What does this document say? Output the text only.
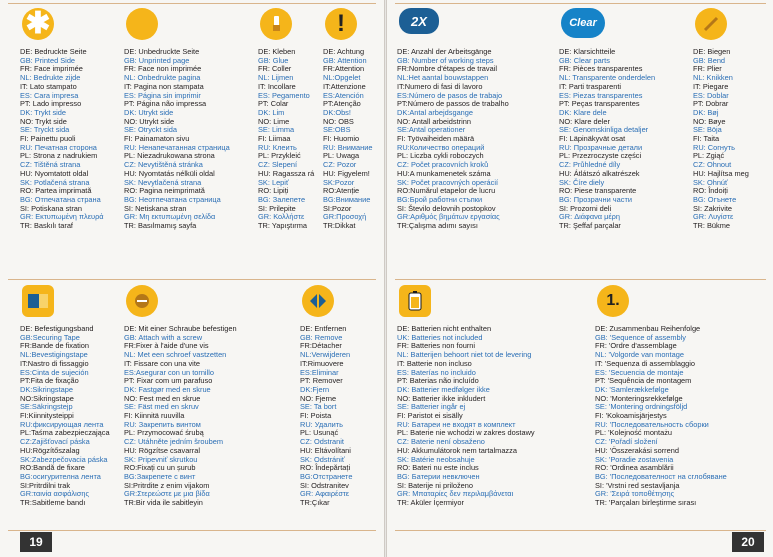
✱
DE: Bedruckte Seite
GB: Printed Side
FR: Face imprimée
NL: Bedrukte zijde
IT: Lato stampato
ES: Cara impresa
PT: Lado impresso
DK: Trykt side
NO: Trykt side
SE: Tryckt sida
FI: Painettu puoli
RU: Печатная сторона
PL: Strona z nadrukiem
CZ: Tištěná strana
HU: Nyomtatott oldal
SK: Potlačená strana
RO: Partea imprimată
BG: Отпечатана страна
SI: Potiskana stran
GR: Εκτυπωμένη πλευρά
TR: Baskılı taraf
DE: Unbedruckte Seite
GB: Unprinted page
FR: Face non imprimée
NL: Onbedrukte pagina
IT: Pagina non stampata
ES: Página sin imprimir
PT: Página não impressa
DK: Utrykt side
NO: Utrykt side
SE: Otryckt sida
FI: Painamaton sivu
RU: Ненапечатанная страница
PL: Niezadrukowana strona
CZ: Nevytištěná stránka
HU: Nyomtatás nélküli oldal
SK: Nevytlačená strana
RO: Pagina neimprimată
BG: Неотпечатана страница
SI: Netiskana stran
GR: Μη εκτυπωμένη σελίδα
TR: Basılmamış sayfa
DE: Kleben
GB: Glue
FR: Coller
NL: Lijmen
IT: Incollare
ES: Pegamento
PT: Colar
DK: Lim
NO: Lime
SE: Limma
FI: Liimaa
RU: Клеить
PL: Przykleić
CZ: Slepení
HU: Ragassza rá
SK: Lepiť
RO: Lipiți
BG: Залепете
SI: Prilepite
GR: Κολλήστε
TR: Yapıştırma
!
DE: Achtung
GB: Attention
FR:Attention
NL:Opgelet
IT:Attenzione
ES:Atención
PT:Atenção
DK:Obs!
NO: OBS
SE:OBS
FI: Huomio
RU: Внимание
PL: Uwaga
CZ: Pozor
HU: Figyelem!
SK:Pozor
RO:Atenție
BG:Внимание
SI:Pozor
GR:Προσοχή
TR:Dikkat
DE: Befestigungsband
GB:Securing Tape
FR:Bande de fixation
NL:Bevestigingstape
IT:Nastro di fissaggio
ES:Cinta de sujeción
PT:Fita de fixação
DK:Sikringstape
NO:Sikringstape
SE:Säkringstejp
FI:Kiinnitysteippi
RU:фиксирующая лента
PL:Taśma zabezpieczająca
CZ:Zajišťovací páska
HU:Rögzítőszalag
SK:Zabezpečovacia páska
RO:Bandă de fixare
BG:осигурителна лента
SI:Pritrdilni trak
GR:ταινία ασφάλισης
TR:Sabitleme bandı
DE: Mit einer Schraube befestigen
GB: Attach with a screw
FR:Fixer à l'aide d'une vis
NL: Met een schroef vastzetten
IT: Fissare con una vite
ES:Asegurar con un tornillo
PT: Fixar com um parafuso
DK: Fastgør med en skrue
NO: Fest med en skrue
SE: Fäst med en skruv
FI: Kiinnitä ruuvilla
RU: Закрепить винтом
PL: Przymocować śrubą
CZ: Utáhněte jedním šroubem
HU: Rögzítse csavarral
SK: Pripevniť skrutkou
RO:Fixați cu un șurub
BG:Закрепете с винт
SI:Pritrdite z enim vijakom
GR:Στερεώστε με μια βίδα
TR:Bir vida ile sabitleyin
DE: Entfernen
GB: Remove
FR:Détacher
NL:Verwijderen
IT:Rimuovere
ES:Eliminar
PT: Remover
DK:Fjern
NO: Fjerne
SE: Ta bort
FI: Poista
RU: Удалить
PL: Usunąć
CZ: Odstranit
HU: Eltávolítani
SK: Odstrániť
RO: Îndepărtați
BG:Отстранете
SI: Odstranitev
GR: Αφαιρέστε
TR:Çıkar
19
2X
DE: Anzahl der Arbeitsgänge
GB: Number of working steps
FR:Nombre d'étapes de travail
NL:Het aantal bouwstappen
IT:Numero di fasi di lavoro
ES:Número de pasos de trabajo
PT:Número de passos de trabalho
DK:Antal arbejdsgange
NO: Antall arbeidstrinn
SE:Antal operationer
FI: Työvaiheiden määrä
RU:Количество операций
PL: Liczba cykli roboczych
CZ: Počet pracovních kroků
HU:A munkamenetek száma
SK: Počet pracovných operácií
RO:Numărul etapelor de lucru
BG:Брой работни стъпки
SI: Število delovnih postopkov
GR:Αριθμός βημάτων εργασίας
TR:Çalışma adımı sayısı
Clear
DE: Klarsichtteile
GB: Clear parts
FR: Pièces transparentes
NL: Transparente onderdelen
IT: Parti trasparenti
ES: Piezas transparentes
PT: Peças transparentes
DK: Klare dele
NO: Klare deler
SE: Genomskinliga detaljer
FI: Läpinäkyvät osat
RU: Прозрачные детали
PL: Przezroczyste części
CZ: Průhledné díly
HU: Átlátszó alkatrészek
SK: Číre diely
RO: Piese transparente
BG: Прозрачни части
SI: Prozorni deli
GR: Διάφανα μέρη
TR: Şeffaf parçalar
DE: Biegen
GB: Bend
FR: Plier
NL: Knikken
IT: Piegare
ES: Doblar
PT: Dobrar
DK: Bøj
NO: Bøye
SE: Böja
FI: Taita
RU: Согнуть
PL: Zgiąć
CZ: Ohnout
HU: Hajlítsa meg
SK: Ohnúť
RO: Îndoiți
BG: Огънете
SI: Zakrivite
GR: Λυγίστε
TR: Bükme
DE: Batterien nicht enthalten
UK: Batteries not included
FR: Batteries non fourni
NL: Batterijen behoort niet tot de levering
IT: Batterie non incluso
ES: Baterías no incluido
PT: Baterias não incluído
DK: Batterier medfølger ikke
NO: Batterier ikke inkludert
SE: Batterier ingår ej
FI: Paristot ei sisälly
RU: Батареи не входят в комплект
PL: Baterie nie wchodzi w zakres dostawy
CZ: Baterie není obsaženo
HU: Akkumulátorok nem tartalmazza
SK: Batérie neobsahuje
RO: Bateri nu este inclus
BG: Батерии невключен
SI: Baterije ni priloženo
GR: Μπαταρίες δεν περιλαμβάνεται
TR: Aküler İçermiyor
1.
DE: Zusammenbau Reihenfolge
GB: 'Sequence of assembly
FR: 'Ordre d'assemblage
NL: 'Volgorde van montage
IT: 'Sequenza di assemblaggio
ES: 'Secuencia de montaje
PT: 'Sequência de montagem
DK: 'Samlerækkefølge
NO: 'Monteringsrekkefølge
SE: 'Montering ordningsföljd
FI: 'Kokoamisjärjestys
RU: 'Последовательность сборки
PL: 'Kolejność montażu
CZ: 'Pořadí složení
HU: 'Összerakási sorrend
SK: 'Poradie zostavenia
RO: 'Ordinea asamblării
BG: 'Последователност на сглобяване
SI: 'Vrstni red sestavljanja
GR: 'Σειρά τοποθέτησης
TR: 'Parçaları birleştirme sırası
20
